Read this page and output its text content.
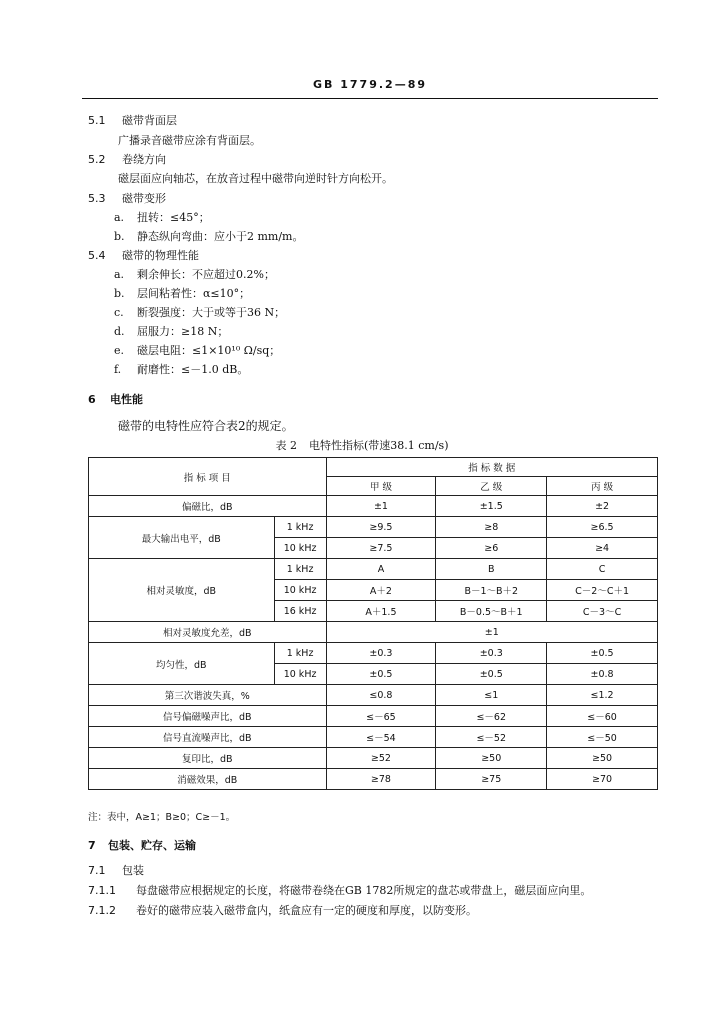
GB 1779.2—89
5.1 磁带背面层
广播录音磁带应涂有背面层。
5.2 卷绕方向
磁层面应向轴芯，在放音过程中磁带向逆时针方向松开。
5.3 磁带变形
a. 扭转：≤45°；
b. 静态纵向弯曲：应小于2 mm/m。
5.4 磁带的物理性能
a. 剩余伸长：不应超过0.2%；
b. 层间粘着性：α≤10°；
c. 断裂强度：大于或等于36 N；
d. 屈服力：≥18 N；
e. 磁层电阻：≤1×10¹⁰ Ω/sq；
f. 耐磨性：≤－1.0 dB。
6 电性能
磁带的电特性应符合表2的规定。
表 2 电特性指标(带速38.1 cm/s)
指 标 项 目		指 标 数 据		
		甲 级	乙 级	丙 级
偏磁比，dB		±1	±1.5	±2
最大输出电平，dB	1 kHz	≥9.5	≥8	≥6.5
	10 kHz	≥7.5	≥6	≥4
相对灵敏度，dB	1 kHz	A	B	C
	10 kHz	A＋2	B－1～B＋2	C－2～C＋1
	16 kHz	A＋1.5	B－0.5～B＋1	C－3～C
相对灵敏度允差，dB		±1		
均匀性，dB	1 kHz	±0.3	±0.3	±0.5
	10 kHz	±0.5	±0.5	±0.8
第三次谐波失真，%		≤0.8	≤1	≤1.2
信号偏磁噪声比，dB		≤－65	≤－62	≤－60
信号直流噪声比，dB		≤－54	≤－52	≤－50
复印比，dB		≥52	≥50	≥50
消磁效果，dB		≥78	≥75	≥70
注：表中，A≥1；B≥0；C≥－1。
7 包装、贮存、运输
7.1 包装
7.1.1 每盘磁带应根据规定的长度，将磁带卷绕在GB 1782所规定的盘芯或带盘上，磁层面应向里。
7.1.2 卷好的磁带应装入磁带盒内，纸盒应有一定的硬度和厚度，以防变形。
